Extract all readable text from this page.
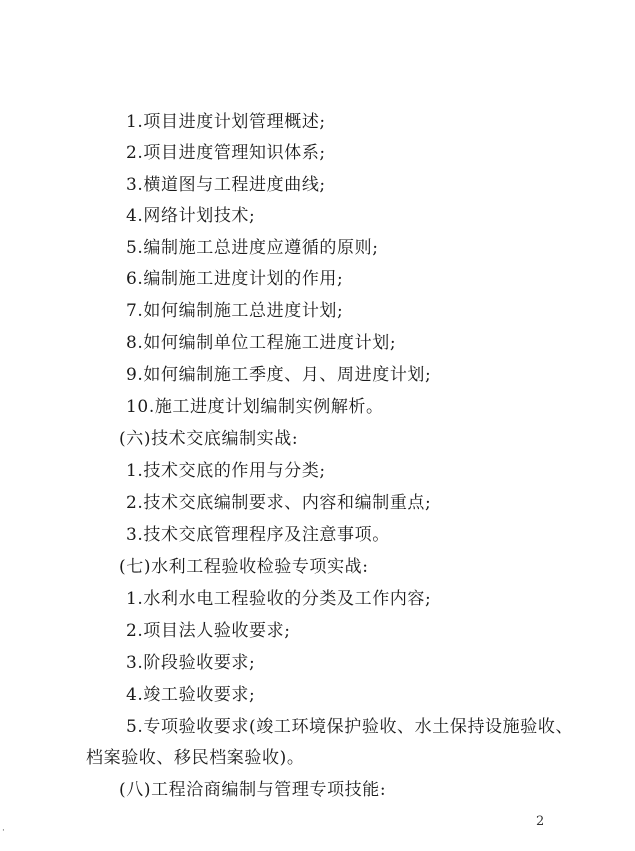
1.项目进度计划管理概述;
2.项目进度管理知识体系;
3.横道图与工程进度曲线;
4.网络计划技术;
5.编制施工总进度应遵循的原则;
6.编制施工进度计划的作用;
7.如何编制施工总进度计划;
8.如何编制单位工程施工进度计划;
9.如何编制施工季度、月、周进度计划;
10.施工进度计划编制实例解析。
(六)技术交底编制实战:
1.技术交底的作用与分类;
2.技术交底编制要求、内容和编制重点;
3.技术交底管理程序及注意事项。
(七)水利工程验收检验专项实战:
1.水利水电工程验收的分类及工作内容;
2.项目法人验收要求;
3.阶段验收要求;
4.竣工验收要求;
5.专项验收要求(竣工环境保护验收、水土保持设施验收、
档案验收、移民档案验收)。
(八)工程洽商编制与管理专项技能:
·
2
